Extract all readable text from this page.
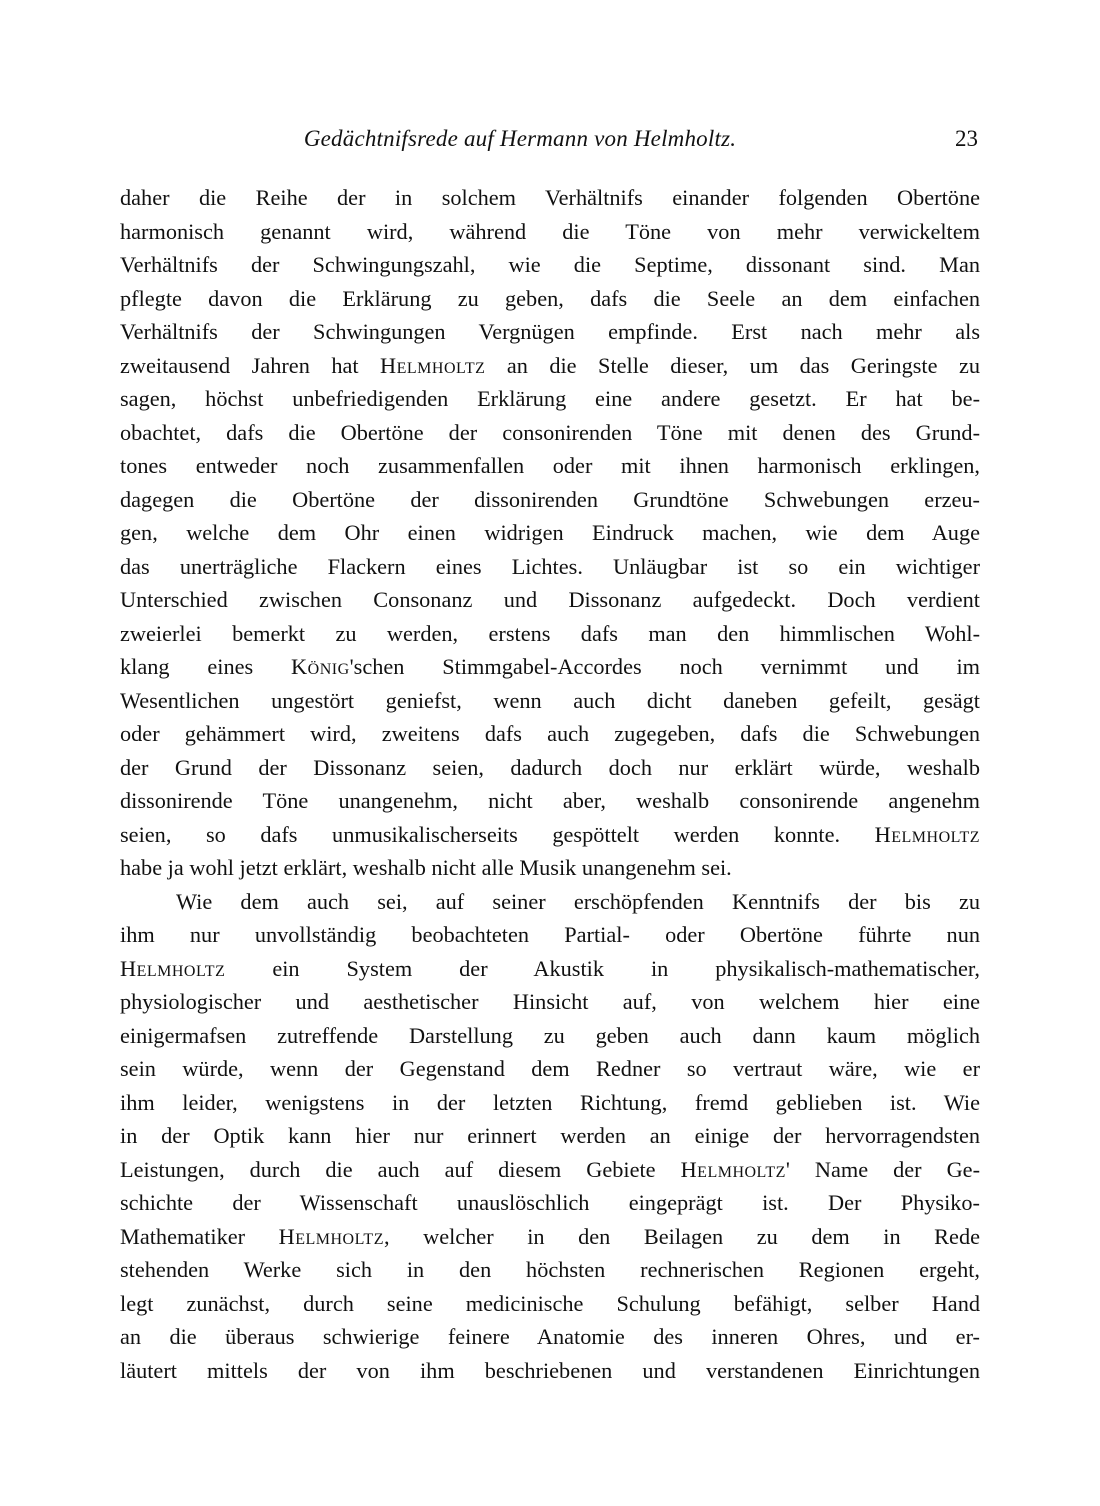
Gedächtnifsrede auf Hermann von Helmholtz.	23
daher die Reihe der in solchem Verhältnifs einander folgenden Obertöne
harmonisch genannt wird, während die Töne von mehr verwickeltem
Verhältnifs der Schwingungszahl, wie die Septime, dissonant sind. Man
pflegte davon die Erklärung zu geben, dafs die Seele an dem einfachen
Verhältnifs der Schwingungen Vergnügen empfinde. Erst nach mehr als
zweitausend Jahren hat Helmholtz an die Stelle dieser, um das Geringste zu
sagen, höchst unbefriedigenden Erklärung eine andere gesetzt. Er hat be-
obachtet, dafs die Obertöne der consonirenden Töne mit denen des Grund-
tones entweder noch zusammenfallen oder mit ihnen harmonisch erklingen,
dagegen die Obertöne der dissonirenden Grundtöne Schwebungen erzeu-
gen, welche dem Ohr einen widrigen Eindruck machen, wie dem Auge
das unerträgliche Flackern eines Lichtes. Unläugbar ist so ein wichtiger
Unterschied zwischen Consonanz und Dissonanz aufgedeckt. Doch verdient
zweierlei bemerkt zu werden, erstens dafs man den himmlischen Wohl-
klang eines König'schen Stimmgabel-Accordes noch vernimmt und im
Wesentlichen ungestört geniefst, wenn auch dicht daneben gefeilt, gesägt
oder gehämmert wird, zweitens dafs auch zugegeben, dafs die Schwebungen
der Grund der Dissonanz seien, dadurch doch nur erklärt würde, weshalb
dissonirende Töne unangenehm, nicht aber, weshalb consonirende angenehm
seien, so dafs unmusikalischerseits gespöttelt werden konnte. Helmholtz
habe ja wohl jetzt erklärt, weshalb nicht alle Musik unangenehm sei.
Wie dem auch sei, auf seiner erschöpfenden Kenntnifs der bis zu
ihm nur unvollständig beobachteten Partial- oder Obertöne führte nun
Helmholtz ein System der Akustik in physikalisch-mathematischer,
physiologischer und aesthetischer Hinsicht auf, von welchem hier eine
einigermafsen zutreffende Darstellung zu geben auch dann kaum möglich
sein würde, wenn der Gegenstand dem Redner so vertraut wäre, wie er
ihm leider, wenigstens in der letzten Richtung, fremd geblieben ist. Wie
in der Optik kann hier nur erinnert werden an einige der hervorragendsten
Leistungen, durch die auch auf diesem Gebiete Helmholtz' Name der Ge-
schichte der Wissenschaft unauslöschlich eingeprägt ist. Der Physiko-
Mathematiker Helmholtz, welcher in den Beilagen zu dem in Rede
stehenden Werke sich in den höchsten rechnerischen Regionen ergeht,
legt zunächst, durch seine medicinische Schulung befähigt, selber Hand
an die überaus schwierige feinere Anatomie des inneren Ohres, und er-
läutert mittels der von ihm beschriebenen und verstandenen Einrichtungen
